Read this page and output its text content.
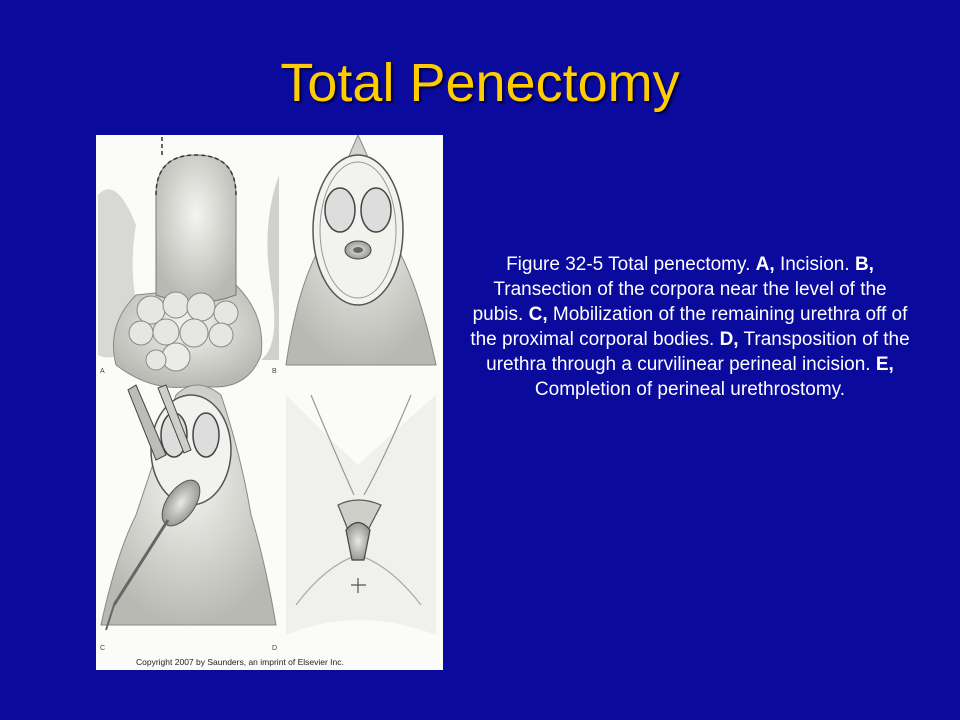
Total Penectomy
A	B
C	D
Copyright 2007 by Saunders, an imprint of Elsevier Inc.
Figure 32-5 Total penectomy. A, Incision. B, Transection of the corpora near the level of the pubis. C, Mobilization of the remaining urethra off of the proximal corporal bodies. D, Transposition of the urethra through a curvilinear perineal incision. E, Completion of perineal urethrostomy.
